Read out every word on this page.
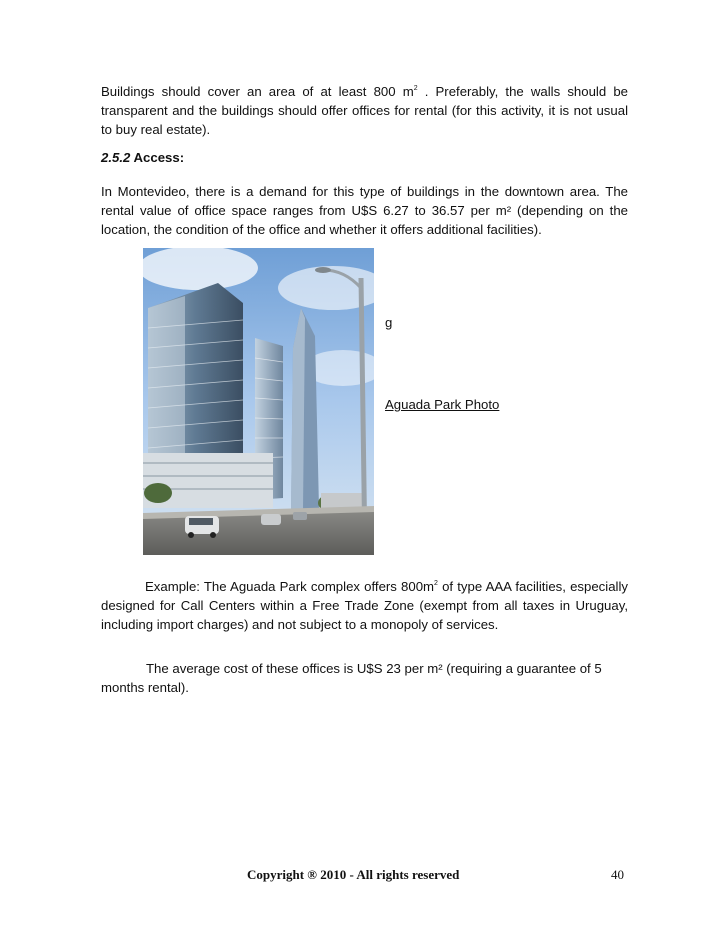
Buildings should cover an area of at least 800 $m^2$ . Preferably, the walls should be transparent and the buildings should offer offices for rental (for this activity, it is not usual to buy real estate).

2.5.2 Access:

In Montevideo, there is a demand for this type of buildings in the downtown area. The rental value of office space ranges from U$S 6.27 to 36.57 per m² (depending on the location, the condition of the office and whether it offers additional facilities).

g

Aguada Park Photo

Example: The Aguada Park complex offers $800m^2$ of type AAA facilities, especially designed for Call Centers within a Free Trade Zone (exempt from all taxes in Uruguay, including import charges) and not subject to a monopoly of services.

The average cost of these offices is U$S 23 per m² (requiring a guarantee of 5 months rental).

Copyright ® 2010 - All rights reserved	40
